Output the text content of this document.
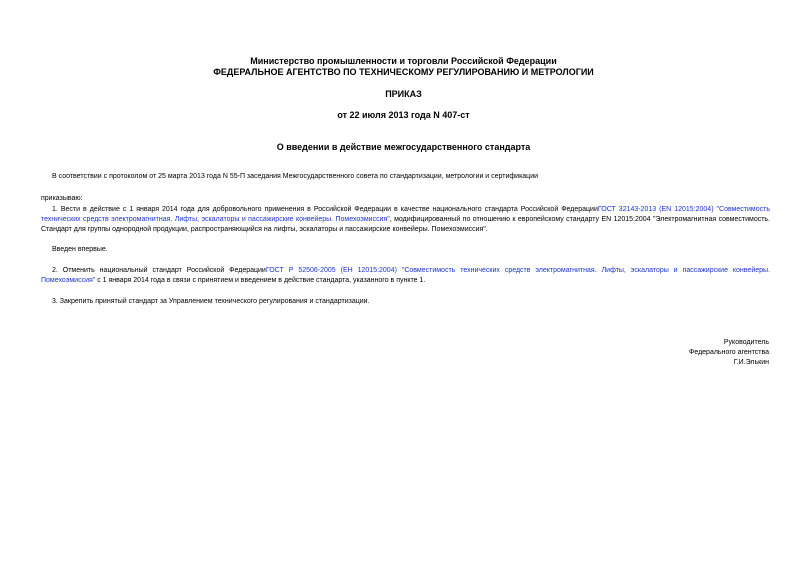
Министерство промышленности и торговли Российской Федерации
ФЕДЕРАЛЬНОЕ АГЕНТСТВО ПО ТЕХНИЧЕСКОМУ РЕГУЛИРОВАНИЮ И МЕТРОЛОГИИ
ПРИКАЗ
от 22 июля 2013 года N 407-ст
О введении в действие межгосударственного стандарта
В соответствии с протоколом от 25 марта 2013 года N 55-П заседания Межгосударственного совета по стандартизации, метрологии и сертификации
приказываю:
1. Вести в действие с 1 января 2014 года для добровольного применения в Российской Федерации в качестве национального стандарта Российской ФедерацииГОСТ 32143-2013 (EN 12015:2004) "Совместимость технических средств электромагнитная. Лифты, эскалаторы и пассажирские конвейеры. Помехоэмиссия", модифицированный по отношению к европейскому стандарту EN 12015:2004 "Электромагнитная совместимость. Стандарт для группы однородной продукции, распространяющийся на лифты, эскалаторы и пассажирские конвейеры. Помехоэмиссия".
Введен впервые.
2. Отменить национальный стандарт Российской ФедерацииГОСТ Р 52506-2005 (ЕН 12015:2004) "Совместимость технических средств электромагнитная. Лифты, эскалаторы и пассажирские конвейеры. Помехоэмиссия" с 1 января 2014 года в связи с принятием и введением в действие стандарта, указанного в пункте 1.
3. Закрепить принятый стандарт за Управлением технического регулирования и стандартизации.
Руководитель
Федерального агентства
Г.И.Элькин
